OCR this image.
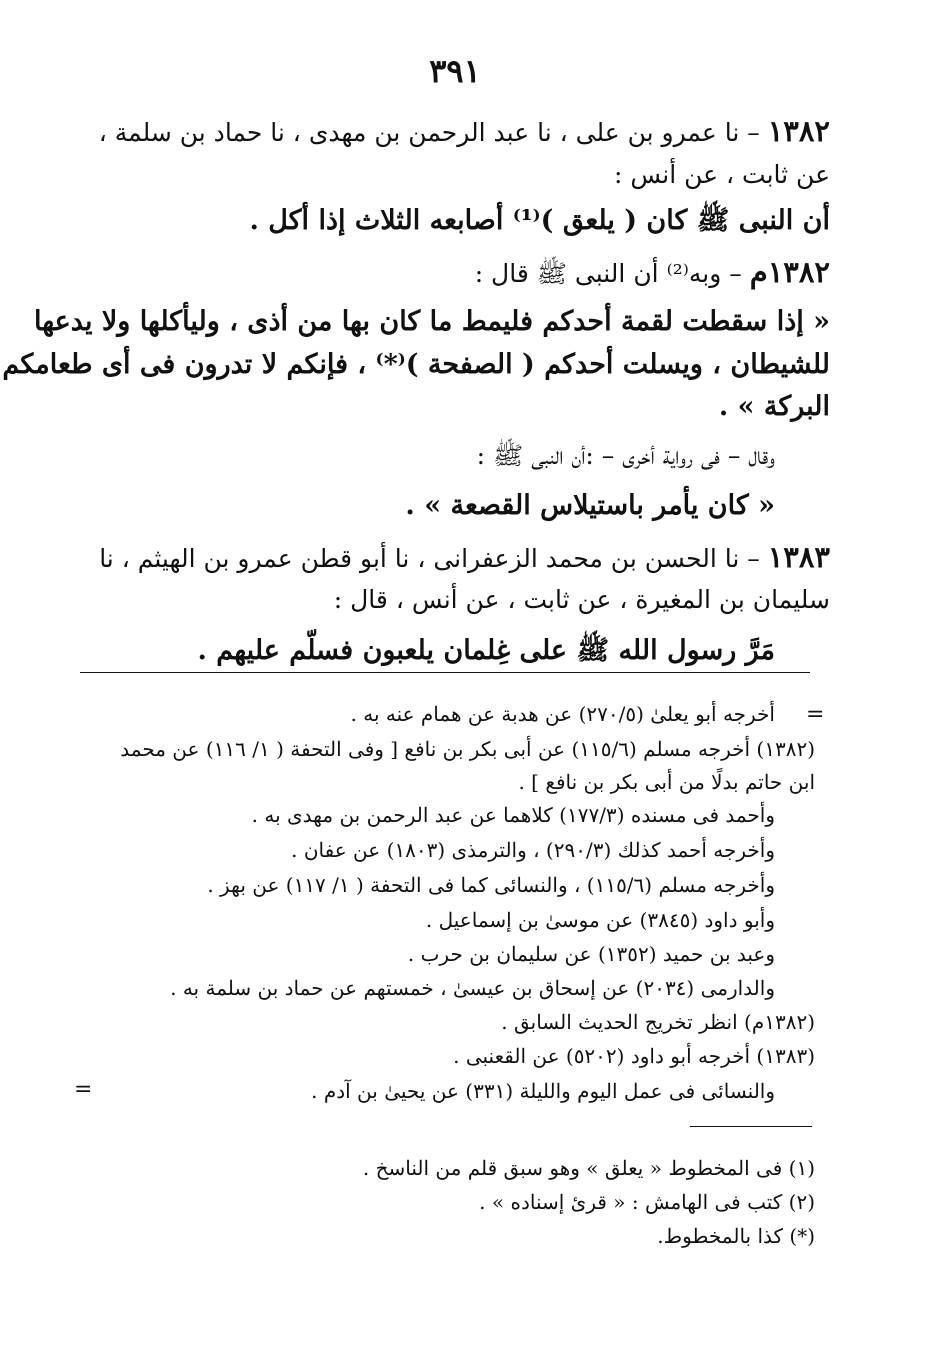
٣٩١
١٣٨٢ – نا عمرو بن على ، نا عبد الرحمن بن مهدى ، نا حماد بن سلمة ،
عن ثابت ، عن أنس :
أن النبى ﷺ كان ( يلعق )⁽¹⁾ أصابعه الثلاث إذا أكل .
١٣٨٢م – وبه⁽²⁾ أن النبى ﷺ قال :
« إذا سقطت لقمة أحدكم فليمط ما كان بها من أذى ، وليأكلها ولا يدعها
للشيطان ، ويسلت أحدكم ( الصفحة )⁽*⁾ ، فإنكم لا تدرون فى أى طعامكم
البركة » .
وقال – فى رواية أخرى – :أن النبى ﷺ :
« كان يأمر باستيلاس القصعة » .
١٣٨٣ – نا الحسن بن محمد الزعفرانى ، نا أبو قطن عمرو بن الهيثم ، نا
سليمان بن المغيرة ، عن ثابت ، عن أنس ، قال :
مَرَّ رسول الله ﷺ على غِلمان يلعبون فسلّم عليهم .
=
أخرجه أبو يعلىٰ (٢٧٠/٥) عن هدبة عن همام عنه به .
(١٣٨٢) أخرجه مسلم (١١٥/٦) عن أبى بكر بن نافع [ وفى التحفة ( ١/ ١١٦) عن محمد
ابن حاتم بدلًا من أبى بكر بن نافع ] .
وأحمد فى مسنده (١٧٧/٣) كلاهما عن عبد الرحمن بن مهدى به .
وأخرجه أحمد كذلك (٢٩٠/٣) ، والترمذى (١٨٠٣) عن عفان .
وأخرجه مسلم (١١٥/٦) ، والنسائى كما فى التحفة ( ١/ ١١٧) عن بهز .
وأبو داود (٣٨٤٥) عن موسىٰ بن إسماعيل .
وعبد بن حميد (١٣٥٢) عن سليمان بن حرب .
والدارمى (٢٠٣٤) عن إسحاق بن عيسىٰ ، خمستهم عن حماد بن سلمة به .
(١٣٨٢م) انظر تخريج الحديث السابق .
(١٣٨٣) أخرجه أبو داود (٥٢٠٢) عن القعنبى .
والنسائى فى عمل اليوم والليلة (٣٣١) عن يحيىٰ بن آدم .
=
(١) فى المخطوط « يعلق » وهو سبق قلم من الناسخ .
(٢) كتب فى الهامش : « قرئ إسناده » .
(*) كذا بالمخطوط.
